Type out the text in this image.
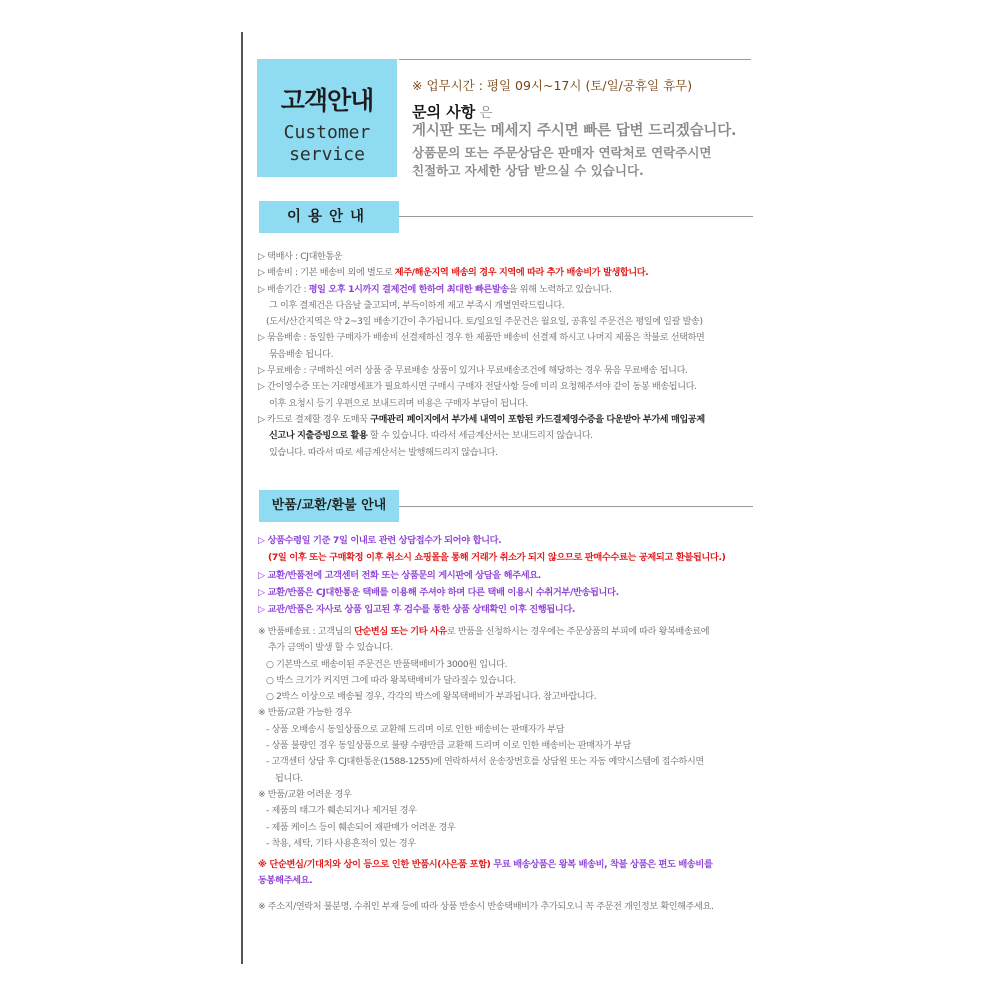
고객안내
Customer
service
※ 업무시간 : 평일 09시~17시 (토/일/공휴일 휴무)
문의 사항 은
게시판 또는 메세지 주시면 빠른 답변 드리겠습니다.
상품문의 또는 주문상담은 판매자 연락처로 연락주시면
친절하고 자세한 상담 받으실 수 있습니다.
이용안내
▷ 택배사 : CJ대한통운
▷ 배송비 : 기본 배송비 외에 별도로 제주/해운지역 배송의 경우 지역에 따라 추가 배송비가 발생합니다.
▷ 배송기간 : 평일 오후 1시까지 결제건에 한하여 최대한 빠른발송을 위해 노력하고 있습니다.
그 이후 결제건은 다음날 출고되며, 부득이하게 재고 부족시 개별연락드립니다.
(도서/산간지역은 약 2~3일 배송기간이 추가됩니다. 토/일요일 주문건은 월요일, 공휴일 주문건은 평일에 일괄 발송)
▷ 묶음배송 : 동일한 구매자가 배송비 선결제하신 경우 한 제품만 배송비 선결제 하시고 나머지 제품은 착불로 선택하면
묶음배송 됩니다.
▷ 무료배송 : 구매하신 여러 상품 중 무료배송 상품이 있거나 무료배송조건에 해당하는 경우 묶음 무료배송 됩니다.
▷ 간이영수증 또는 거래명세표가 필요하시면 구매시 구매자 전달사항 등에 미리 요청해주셔야 같이 동봉 배송됩니다.
이후 요청시 등기 우편으로 보내드리며 비용은 구매자 부담이 됩니다.
▷ 카드로 결제할 경우 도매꾹 구매관리 페이지에서 부가세 내역이 포함된 카드결제영수증을 다운받아 부가세 매입공제
신고나 지출증빙으로 활용 할 수 있습니다. 따라서 세금계산서는 보내드리지 않습니다.
있습니다. 따라서 따로 세금계산서는 발행해드리지 않습니다.
반품/교환/환불 안내
▷ 상품수령일 기준 7일 이내로 관련 상담접수가 되어야 합니다.
(7일 이후 또는 구매확정 이후 취소시 쇼핑몰을 통해 거래가 취소가 되지 않으므로 판매수수료는 공제되고 환불됩니다.)
▷ 교환/반품전에 고객센터 전화 또는 상품문의 게시판에 상담을 해주세요.
▷ 교환/반품은 CJ대한통운 택배를 이용해 주셔야 하며 다른 택배 이용시 수취거부/반송됩니다.
▷ 교관/반품은 자사로 상품 입고된 후 검수를 통한 상품 상태확인 이후 진행됩니다.
※ 반품배송료 : 고객님의 단순변심 또는 기타 사유로 반품을 신청하시는 경우에는 주문상품의 부피에 따라 왕복배송료에
추가 금액이 발생 할 수 있습니다.
○ 기본박스로 배송이된 주문건은 반품택배비가 3000원 입니다.
○ 박스 크기가 커지면 그에 따라 왕복택배비가 달라질수 있습니다.
○ 2박스 이상으로 배송될 경우, 각각의 박스에 왕복택배비가 부과됩니다. 참고바랍니다.
※ 반품/교환 가능한 경우
- 상품 오배송시 동일상품으로 교환해 드리며 이로 인한 배송비는 판매자가 부담
- 상품 불량인 경우 동일상품으로 불량 수량만큼 교환해 드리며 이로 인한 배송비는 판매자가 부담
- 고객센터 상담 후 CJ대한통운(1588-1255)에 연락하셔서 운송장번호를 상담원 또는 자동 예약시스템에 접수하시면
됩니다.
※ 반품/교환 어려운 경우
- 제품의 태그가 훼손되거나 제거된 경우
- 제품 케이스 등이 훼손되어 재판매가 어려운 경우
- 착용, 세탁, 기타 사용흔적이 있는 경우
※ 단순변심/기대치와 상이 등으로 인한 반품시(사은품 포함) 무료 배송상품은 왕복 배송비, 착불 상품은 편도 배송비를
동봉해주세요.
※ 주소지/연락처 불분명, 수취인 부재 등에 따라 상품 반송시 반송택배비가 추가되오니 꼭 주문전 개인정보 확인해주세요.
